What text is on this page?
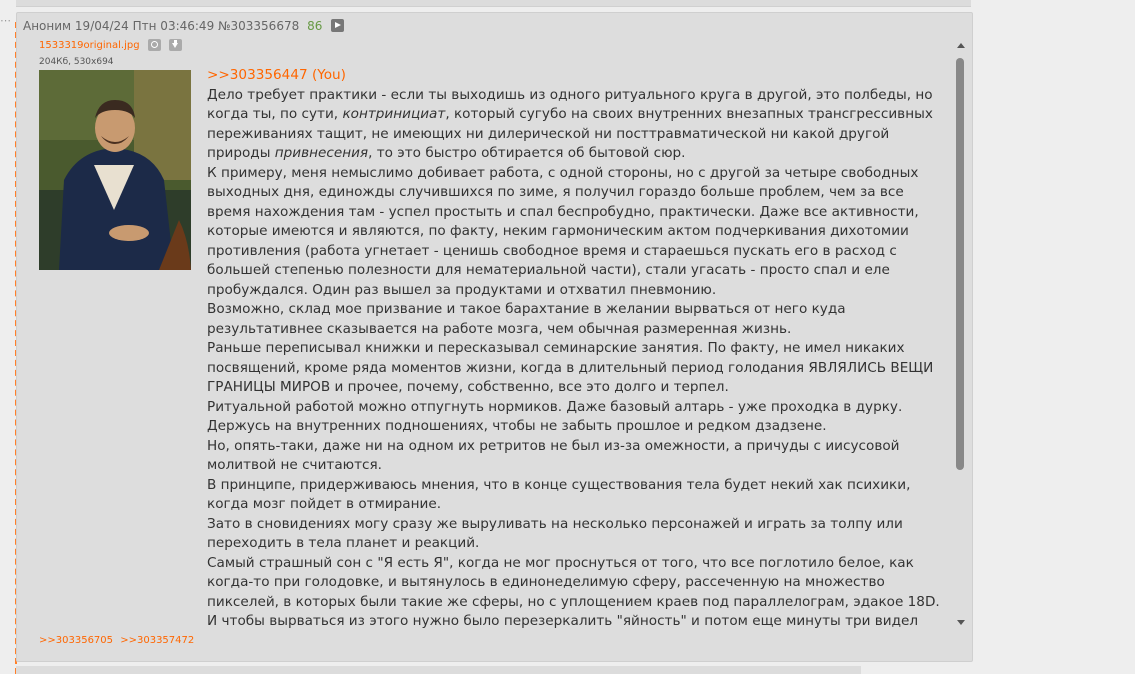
⋯ Аноним 19/04/24 Птн 03:46:49 №303356678 86
1533319original.jpg

204Кб, 530x694
>>303356447 (You)

Дело требует практики - если ты выходишь из одного ритуального круга в другой, это полбеды, но когда ты, по сути, контринициат, который сугубо на своих внутренних внезапных трансгрессивных переживаниях тащит, не имеющих ни дилерической ни посттравматической ни какой другой природы привнесения, то это быстро обтирается об бытовой сюр.

К примеру, меня немыслимо добивает работа, с одной стороны, но с другой за четыре свободных выходных дня, единожды случившихся по зиме, я получил гораздо больше проблем, чем за все время нахождения там - успел простыть и спал беспробудно, практически. Даже все активности, которые имеются и являются, по факту, неким гармоническим актом подчеркивания дихотомии противления (работа угнетает - ценишь свободное время и стараешься пускать его в расход с большей степенью полезности для нематериальной части), стали угасать - просто спал и еле пробуждался. Один раз вышел за продуктами и отхватил пневмонию.

Возможно, склад мое призвание и такое барахтание в желании вырваться от него куда результативнее сказывается на работе мозга, чем обычная размеренная жизнь.

Раньше переписывал книжки и пересказывал семинарские занятия. По факту, не имел никаких посвящений, кроме ряда моментов жизни, когда в длительный период голодания ЯВЛЯЛИСЬ ВЕЩИ ГРАНИЦЫ МИРОВ и прочее, почему, собственно, все это долго и терпел.

Ритуальной работой можно отпугнуть нормиков. Даже базовый алтарь - уже проходка в дурку.

Держусь на внутренних подношениях, чтобы не забыть прошлое и редком дзадзене.

Но, опять-таки, даже ни на одном их ретритов не был из-за омежности, а причуды с иисусовой молитвой не считаются.

В принципе, придерживаюсь мнения, что в конце существования тела будет некий хак психики, когда мозг пойдет в отмирание.

Зато в сновидениях могу сразу же выруливать на несколько персонажей и играть за толпу или переходить в тела планет и реакций.

Самый страшный сон с "Я есть Я", когда не мог проснуться от того, что все поглотило белое, как когда-то при голодовке, и вытянулось в единонеделимую сферу, рассеченную на множество пикселей, в которых были такие же сферы, но с уплощением краев под параллелограм, эдакое 18D.

И чтобы вырваться из этого нужно было перезеркалить "яйность" и потом еще минуты три видел

>>303356705 >>303357472
